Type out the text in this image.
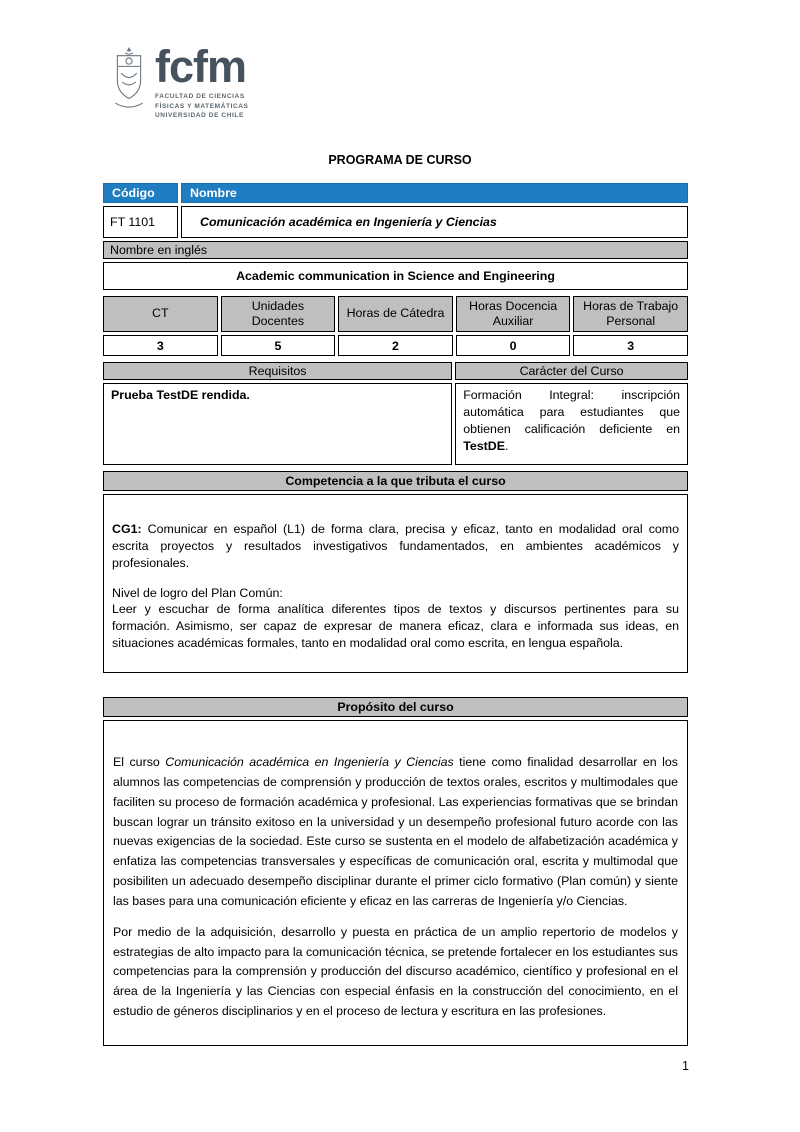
fcfm
FACULTAD DE CIENCIAS
FÍSICAS Y MATEMÁTICAS
UNIVERSIDAD DE CHILE
PROGRAMA DE CURSO
Código	Nombre
FT 1101	Comunicación académica en Ingeniería y Ciencias
Nombre en inglés	
Academic communication in Science and Engineering	
CT	Unidades Docentes	Horas de Cátedra	Horas Docencia Auxiliar	Horas de Trabajo Personal
3	5	2	0	3
Requisitos	Carácter del Curso
Prueba TestDE rendida.	Formación Integral: inscripción automática para estudiantes que obtienen calificación deficiente en TestDE.
Competencia a la que tributa el curso

CG1: Comunicar en español (L1) de forma clara, precisa y eficaz, tanto en modalidad oral como escrita proyectos y resultados investigativos fundamentados, en ambientes académicos y profesionales.
Nivel de logro del Plan Común:
Leer y escuchar de forma analítica diferentes tipos de textos y discursos pertinentes para su formación. Asimismo, ser capaz de expresar de manera eficaz, clara e informada sus ideas, en situaciones académicas formales, tanto en modalidad oral como escrita, en lengua española.
Propósito del curso

El curso Comunicación académica en Ingeniería y Ciencias tiene como finalidad desarrollar en los alumnos las competencias de comprensión y producción de textos orales, escritos y multimodales que faciliten su proceso de formación académica y profesional. Las experiencias formativas que se brindan buscan lograr un tránsito exitoso en la universidad y un desempeño profesional futuro acorde con las nuevas exigencias de la sociedad. Este curso se sustenta en el modelo de alfabetización académica y enfatiza las competencias transversales y específicas de comunicación oral, escrita y multimodal que posibiliten un adecuado desempeño disciplinar durante el primer ciclo formativo (Plan común) y siente las bases para una comunicación eficiente y eficaz en las carreras de Ingeniería y/o Ciencias.

Por medio de la adquisición, desarrollo y puesta en práctica de un amplio repertorio de modelos y estrategias de alto impacto para la comunicación técnica, se pretende fortalecer en los estudiantes sus competencias para la comprensión y producción del discurso académico, científico y profesional en el área de la Ingeniería y las Ciencias con especial énfasis en la construcción del conocimiento, en el estudio de géneros disciplinarios y en el proceso de lectura y escritura en las profesiones.

1
